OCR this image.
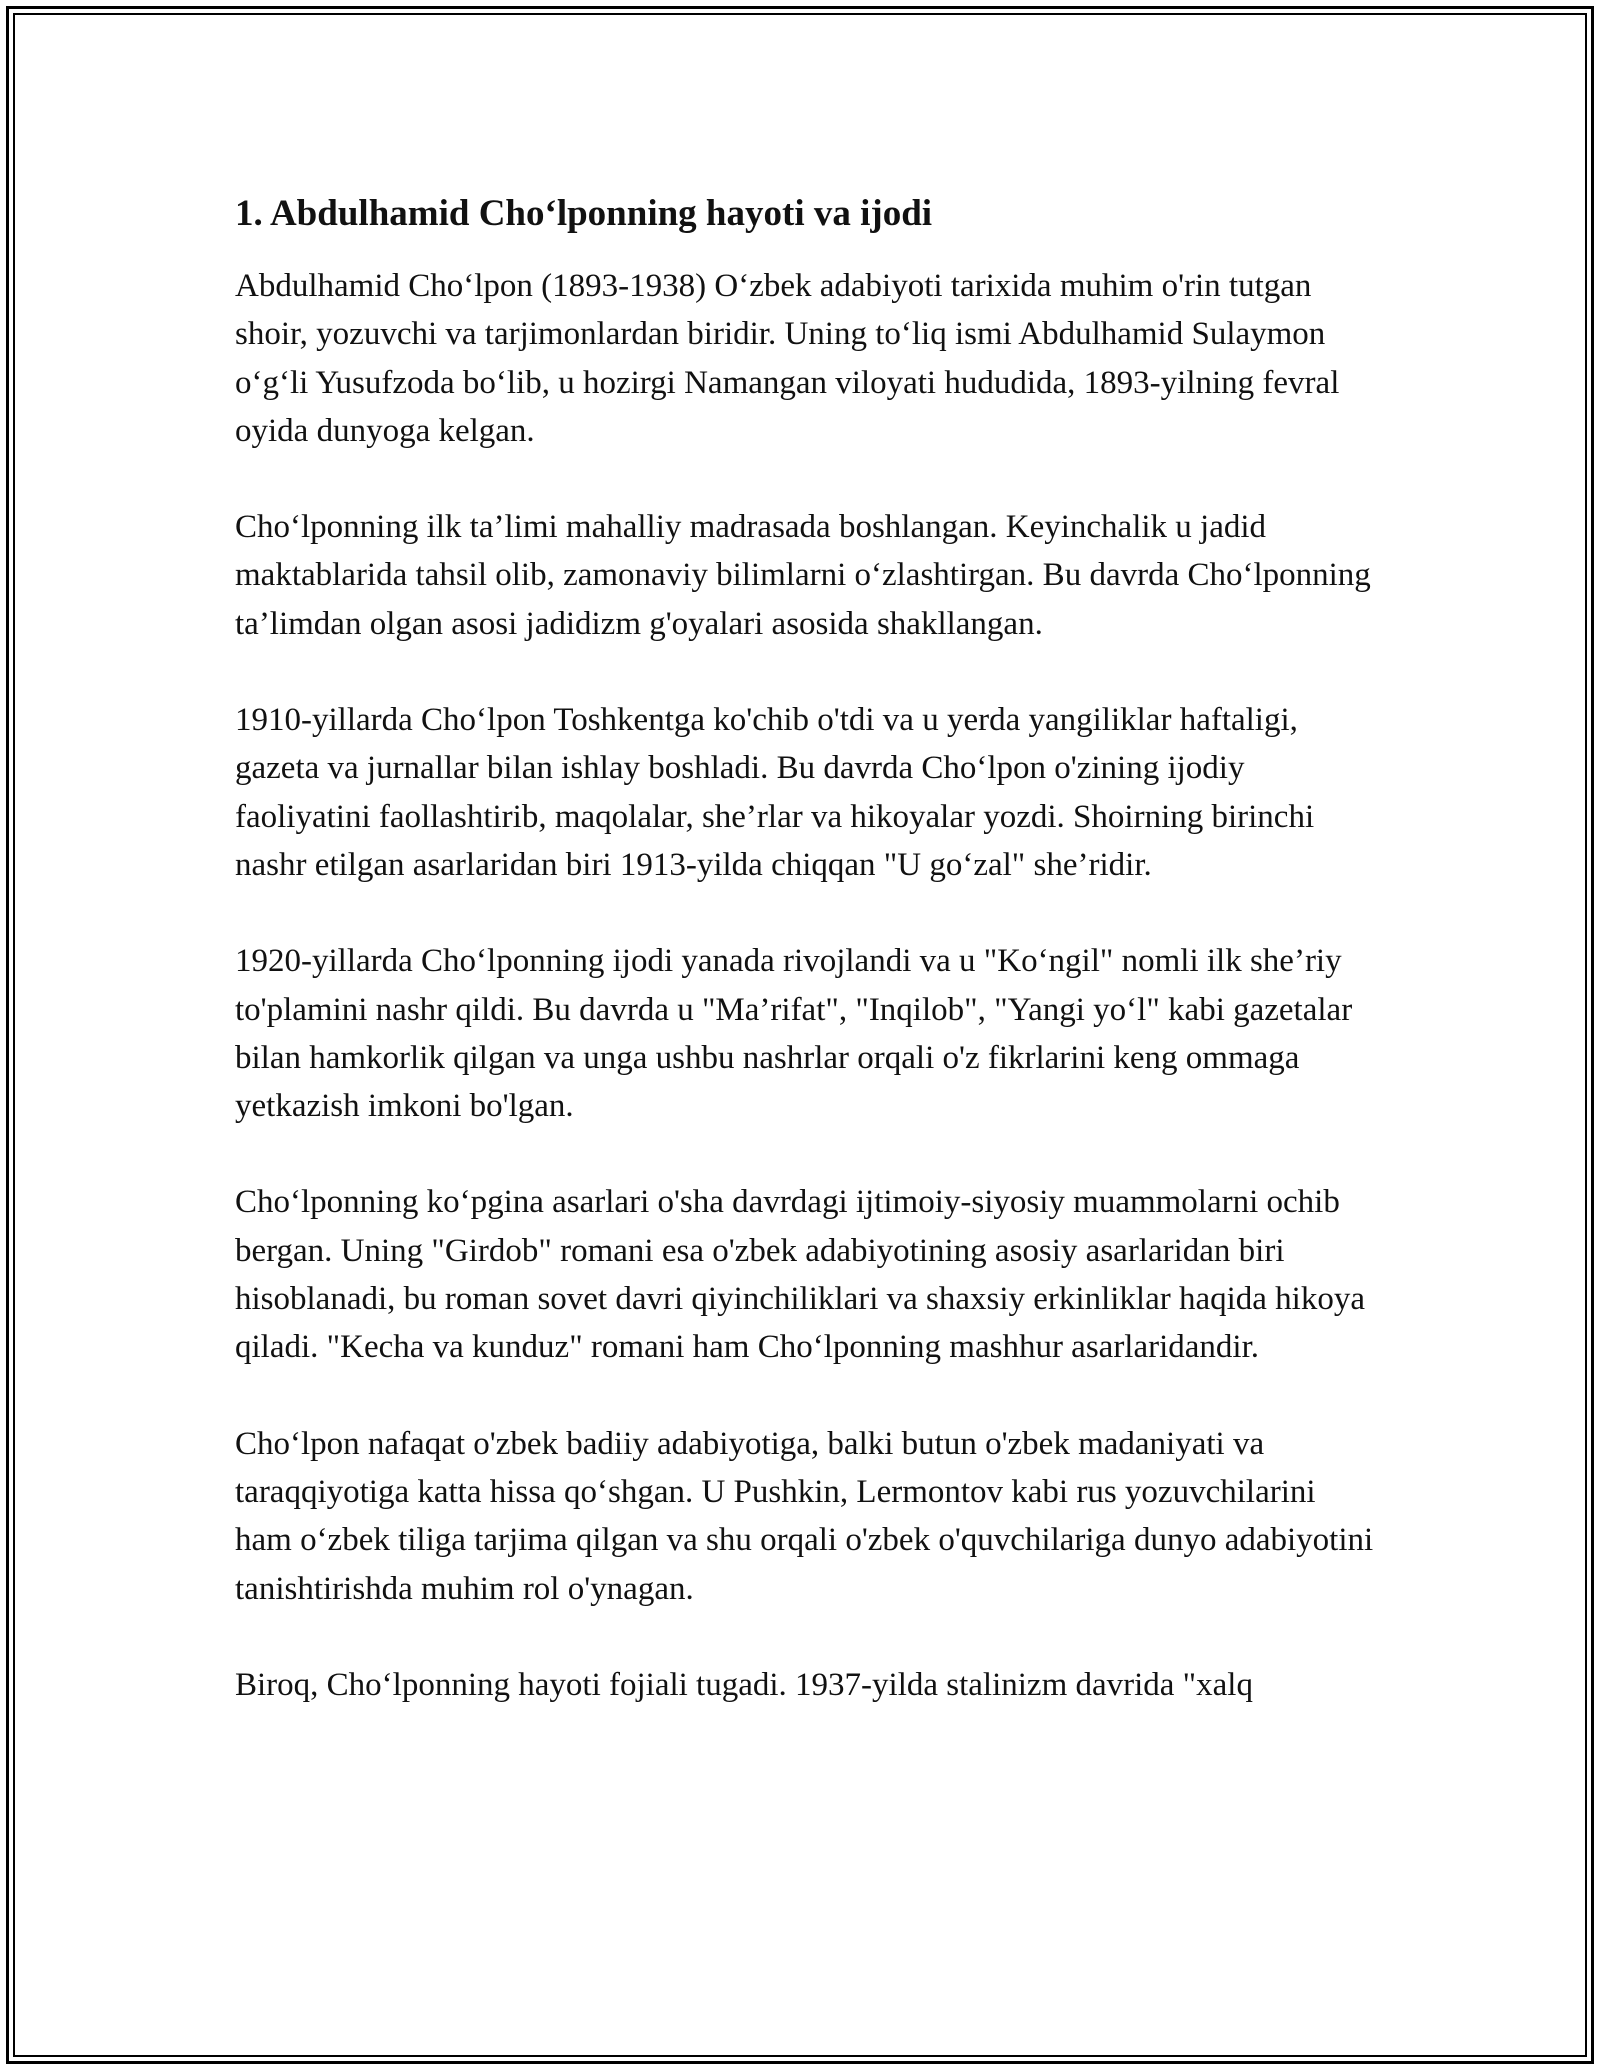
1. Abdulhamid Cho‘lponning hayoti va ijodi

Abdulhamid Cho‘lpon (1893-1938) O‘zbek adabiyoti tarixida muhim o'rin tutgan shoir, yozuvchi va tarjimonlardan biridir. Uning to‘liq ismi Abdulhamid Sulaymon o‘g‘li Yusufzoda bo‘lib, u hozirgi Namangan viloyati hududida, 1893-yilning fevral oyida dunyoga kelgan.

Cho‘lponning ilk ta’limi mahalliy madrasada boshlangan. Keyinchalik u jadid maktablarida tahsil olib, zamonaviy bilimlarni o‘zlashtirgan. Bu davrda Cho‘lponning ta’limdan olgan asosi jadidizm g'oyalari asosida shakllangan.

1910-yillarda Cho‘lpon Toshkentga ko'chib o'tdi va u yerda yangiliklar haftaligi, gazeta va jurnallar bilan ishlay boshladi. Bu davrda Cho‘lpon o'zining ijodiy faoliyatini faollashtirib, maqolalar, she’rlar va hikoyalar yozdi. Shoirning birinchi nashr etilgan asarlaridan biri 1913-yilda chiqqan "U go‘zal" she’ridir.

1920-yillarda Cho‘lponning ijodi yanada rivojlandi va u "Ko‘ngil" nomli ilk she’riy to'plamini nashr qildi. Bu davrda u "Ma’rifat", "Inqilob", "Yangi yo‘l" kabi gazetalar bilan hamkorlik qilgan va unga ushbu nashrlar orqali o'z fikrlarini keng ommaga yetkazish imkoni bo'lgan.

Cho‘lponning ko‘pgina asarlari o'sha davrdagi ijtimoiy-siyosiy muammolarni ochib bergan. Uning "Girdob" romani esa o'zbek adabiyotining asosiy asarlaridan biri hisoblanadi, bu roman sovet davri qiyinchiliklari va shaxsiy erkinliklar haqida hikoya qiladi. "Kecha va kunduz" romani ham Cho‘lponning mashhur asarlaridandir.

Cho‘lpon nafaqat o'zbek badiiy adabiyotiga, balki butun o'zbek madaniyati va taraqqiyotiga katta hissa qo‘shgan. U Pushkin, Lermontov kabi rus yozuvchilarini ham o‘zbek tiliga tarjima qilgan va shu orqali o'zbek o'quvchilariga dunyo adabiyotini tanishtirishda muhim rol o'ynagan.

Biroq, Cho‘lponning hayoti fojiali tugadi. 1937-yilda stalinizm davrida "xalq
